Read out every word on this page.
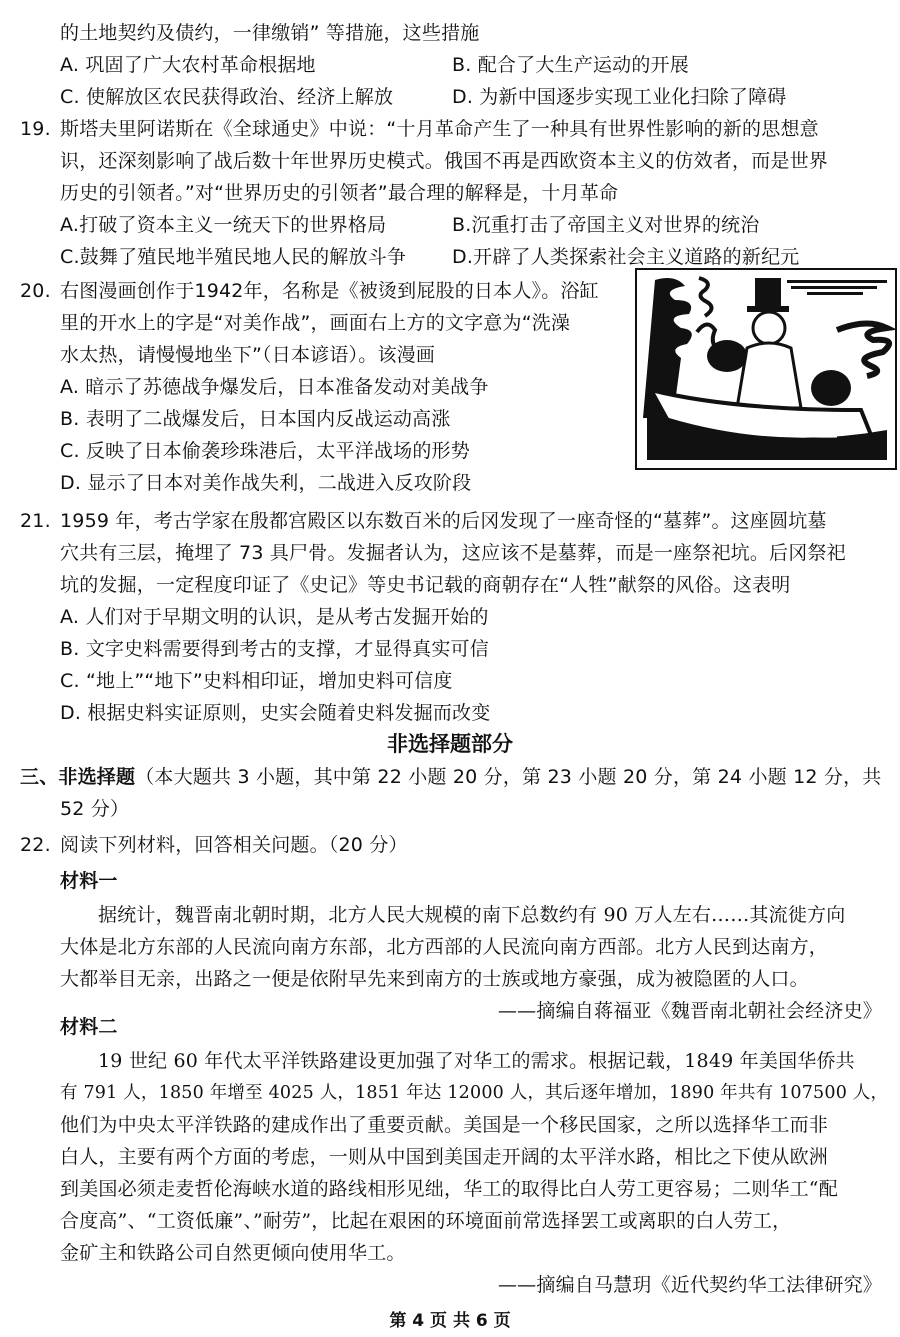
的土地契约及债约，一律缴销” 等措施，这些措施
A. 巩固了广大农村革命根据地	B. 配合了大生产运动的开展
C. 使解放区农民获得政治、经济上解放	D. 为新中国逐步实现工业化扫除了障碍
19. 斯塔夫里阿诺斯在《全球通史》中说：“十月革命产生了一种具有世界性影响的新的思想意
识，还深刻影响了战后数十年世界历史模式。俄国不再是西欧资本主义的仿效者，而是世界
历史的引领者。”对“世界历史的引领者”最合理的解释是，十月革命
A.打破了资本主义一统天下的世界格局	B.沉重打击了帝国主义对世界的统治
C.鼓舞了殖民地半殖民地人民的解放斗争 D.开辟了人类探索社会主义道路的新纪元
20. 右图漫画创作于1942年，名称是《被烫到屁股的日本人》。浴缸
里的开水上的字是“对美作战”，画面右上方的文字意为“洗澡
水太热，请慢慢地坐下”（日本谚语）。该漫画
A. 暗示了苏德战争爆发后，日本准备发动对美战争
B. 表明了二战爆发后，日本国内反战运动高涨
C. 反映了日本偷袭珍珠港后，太平洋战场的形势
D. 显示了日本对美作战失利，二战进入反攻阶段
21. 1959 年，考古学家在殷都宫殿区以东数百米的后冈发现了一座奇怪的“墓葬”。这座圆坑墓
穴共有三层，掩埋了 73 具尸骨。发掘者认为，这应该不是墓葬，而是一座祭祀坑。后冈祭祀
坑的发掘，一定程度印证了《史记》等史书记载的商朝存在“人牲”献祭的风俗。这表明
A. 人们对于早期文明的认识，是从考古发掘开始的
B. 文字史料需要得到考古的支撑，才显得真实可信
C. “地上”“地下”史料相印证，增加史料可信度
D. 根据史料实证原则，史实会随着史料发掘而改变
非选择题部分
三、非选择题（本大题共 3 小题，其中第 22 小题 20 分，第 23 小题 20 分，第 24 小题 12 分，共
52 分）
22. 阅读下列材料，回答相关问题。（20 分）
材料一
据统计，魏晋南北朝时期，北方人民大规模的南下总数约有 90 万人左右……其流徙方向
大体是北方东部的人民流向南方东部，北方西部的人民流向南方西部。北方人民到达南方，
大都举目无亲，出路之一便是依附早先来到南方的士族或地方豪强，成为被隐匿的人口。
——摘编自蒋福亚《魏晋南北朝社会经济史》
材料二
19 世纪 60 年代太平洋铁路建设更加强了对华工的需求。根据记载，1849 年美国华侨共
有 791 人，1850 年增至 4025 人，1851 年达 12000 人，其后逐年增加，1890 年共有 107500 人，
他们为中央太平洋铁路的建成作出了重要贡献。美国是一个移民国家，之所以选择华工而非
白人，主要有两个方面的考虑，一则从中国到美国走开阔的太平洋水路，相比之下使从欧洲
到美国必须走麦哲伦海峡水道的路线相形见绌，华工的取得比白人劳工更容易；二则华工“配
合度高”、“工资低廉”、”耐劳”，比起在艰困的环境面前常选择罢工或离职的白人劳工，
金矿主和铁路公司自然更倾向使用华工。
——摘编自马慧玥《近代契约华工法律研究》
第 4 页 共 6 页
